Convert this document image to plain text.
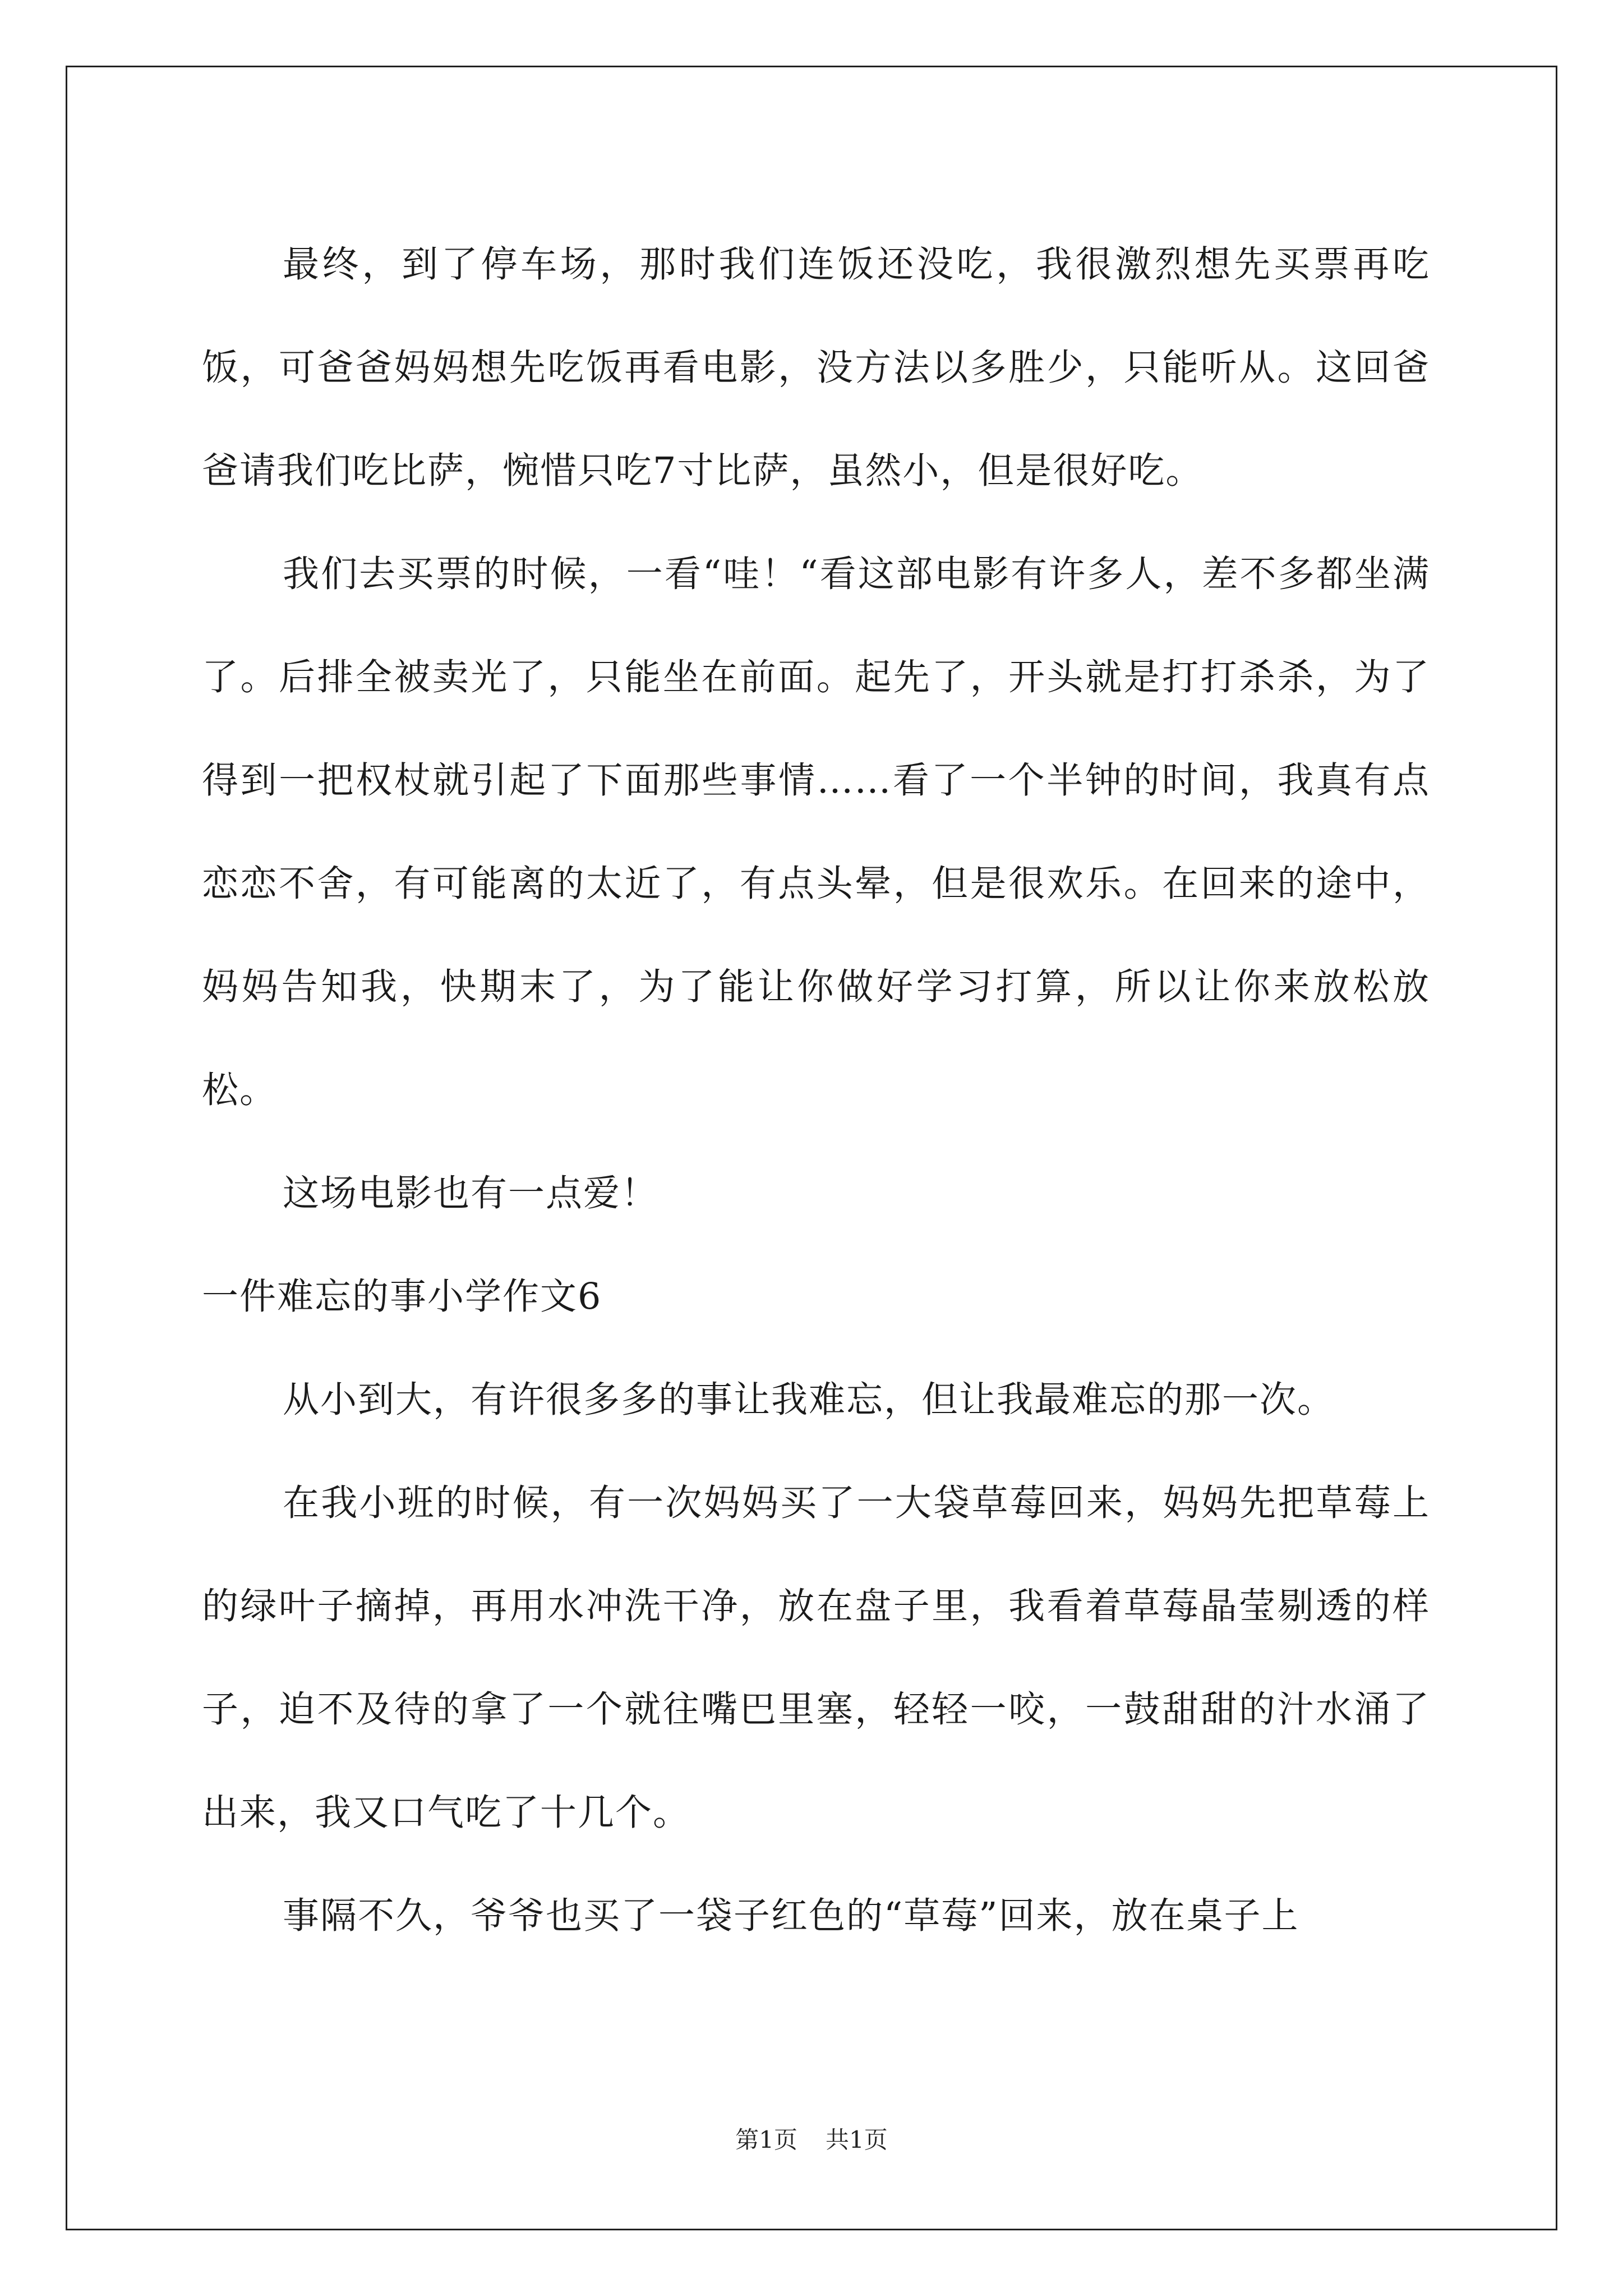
最终，到了停车场，那时我们连饭还没吃，我很激烈想先买票再吃饭，可爸爸妈妈想先吃饭再看电影，没方法以多胜少，只能听从。这回爸爸请我们吃比萨，惋惜只吃7寸比萨，虽然小，但是很好吃。

我们去买票的时候，一看“哇！“看这部电影有许多人，差不多都坐满了。后排全被卖光了，只能坐在前面。起先了，开头就是打打杀杀，为了得到一把权杖就引起了下面那些事情……看了一个半钟的时间，我真有点恋恋不舍，有可能离的太近了，有点头晕，但是很欢乐。在回来的途中，妈妈告知我，快期末了，为了能让你做好学习打算，所以让你来放松放松。

这场电影也有一点爱！

一件难忘的事小学作文6

从小到大，有许很多多的事让我难忘，但让我最难忘的那一次。

在我小班的时候，有一次妈妈买了一大袋草莓回来，妈妈先把草莓上的绿叶子摘掉，再用水冲洗干净，放在盘子里，我看着草莓晶莹剔透的样子，迫不及待的拿了一个就往嘴巴里塞，轻轻一咬，一鼓甜甜的汁水涌了出来，我又口气吃了十几个。

事隔不久，爷爷也买了一袋子红色的“草莓”回来，放在桌子上

第1页 共1页
